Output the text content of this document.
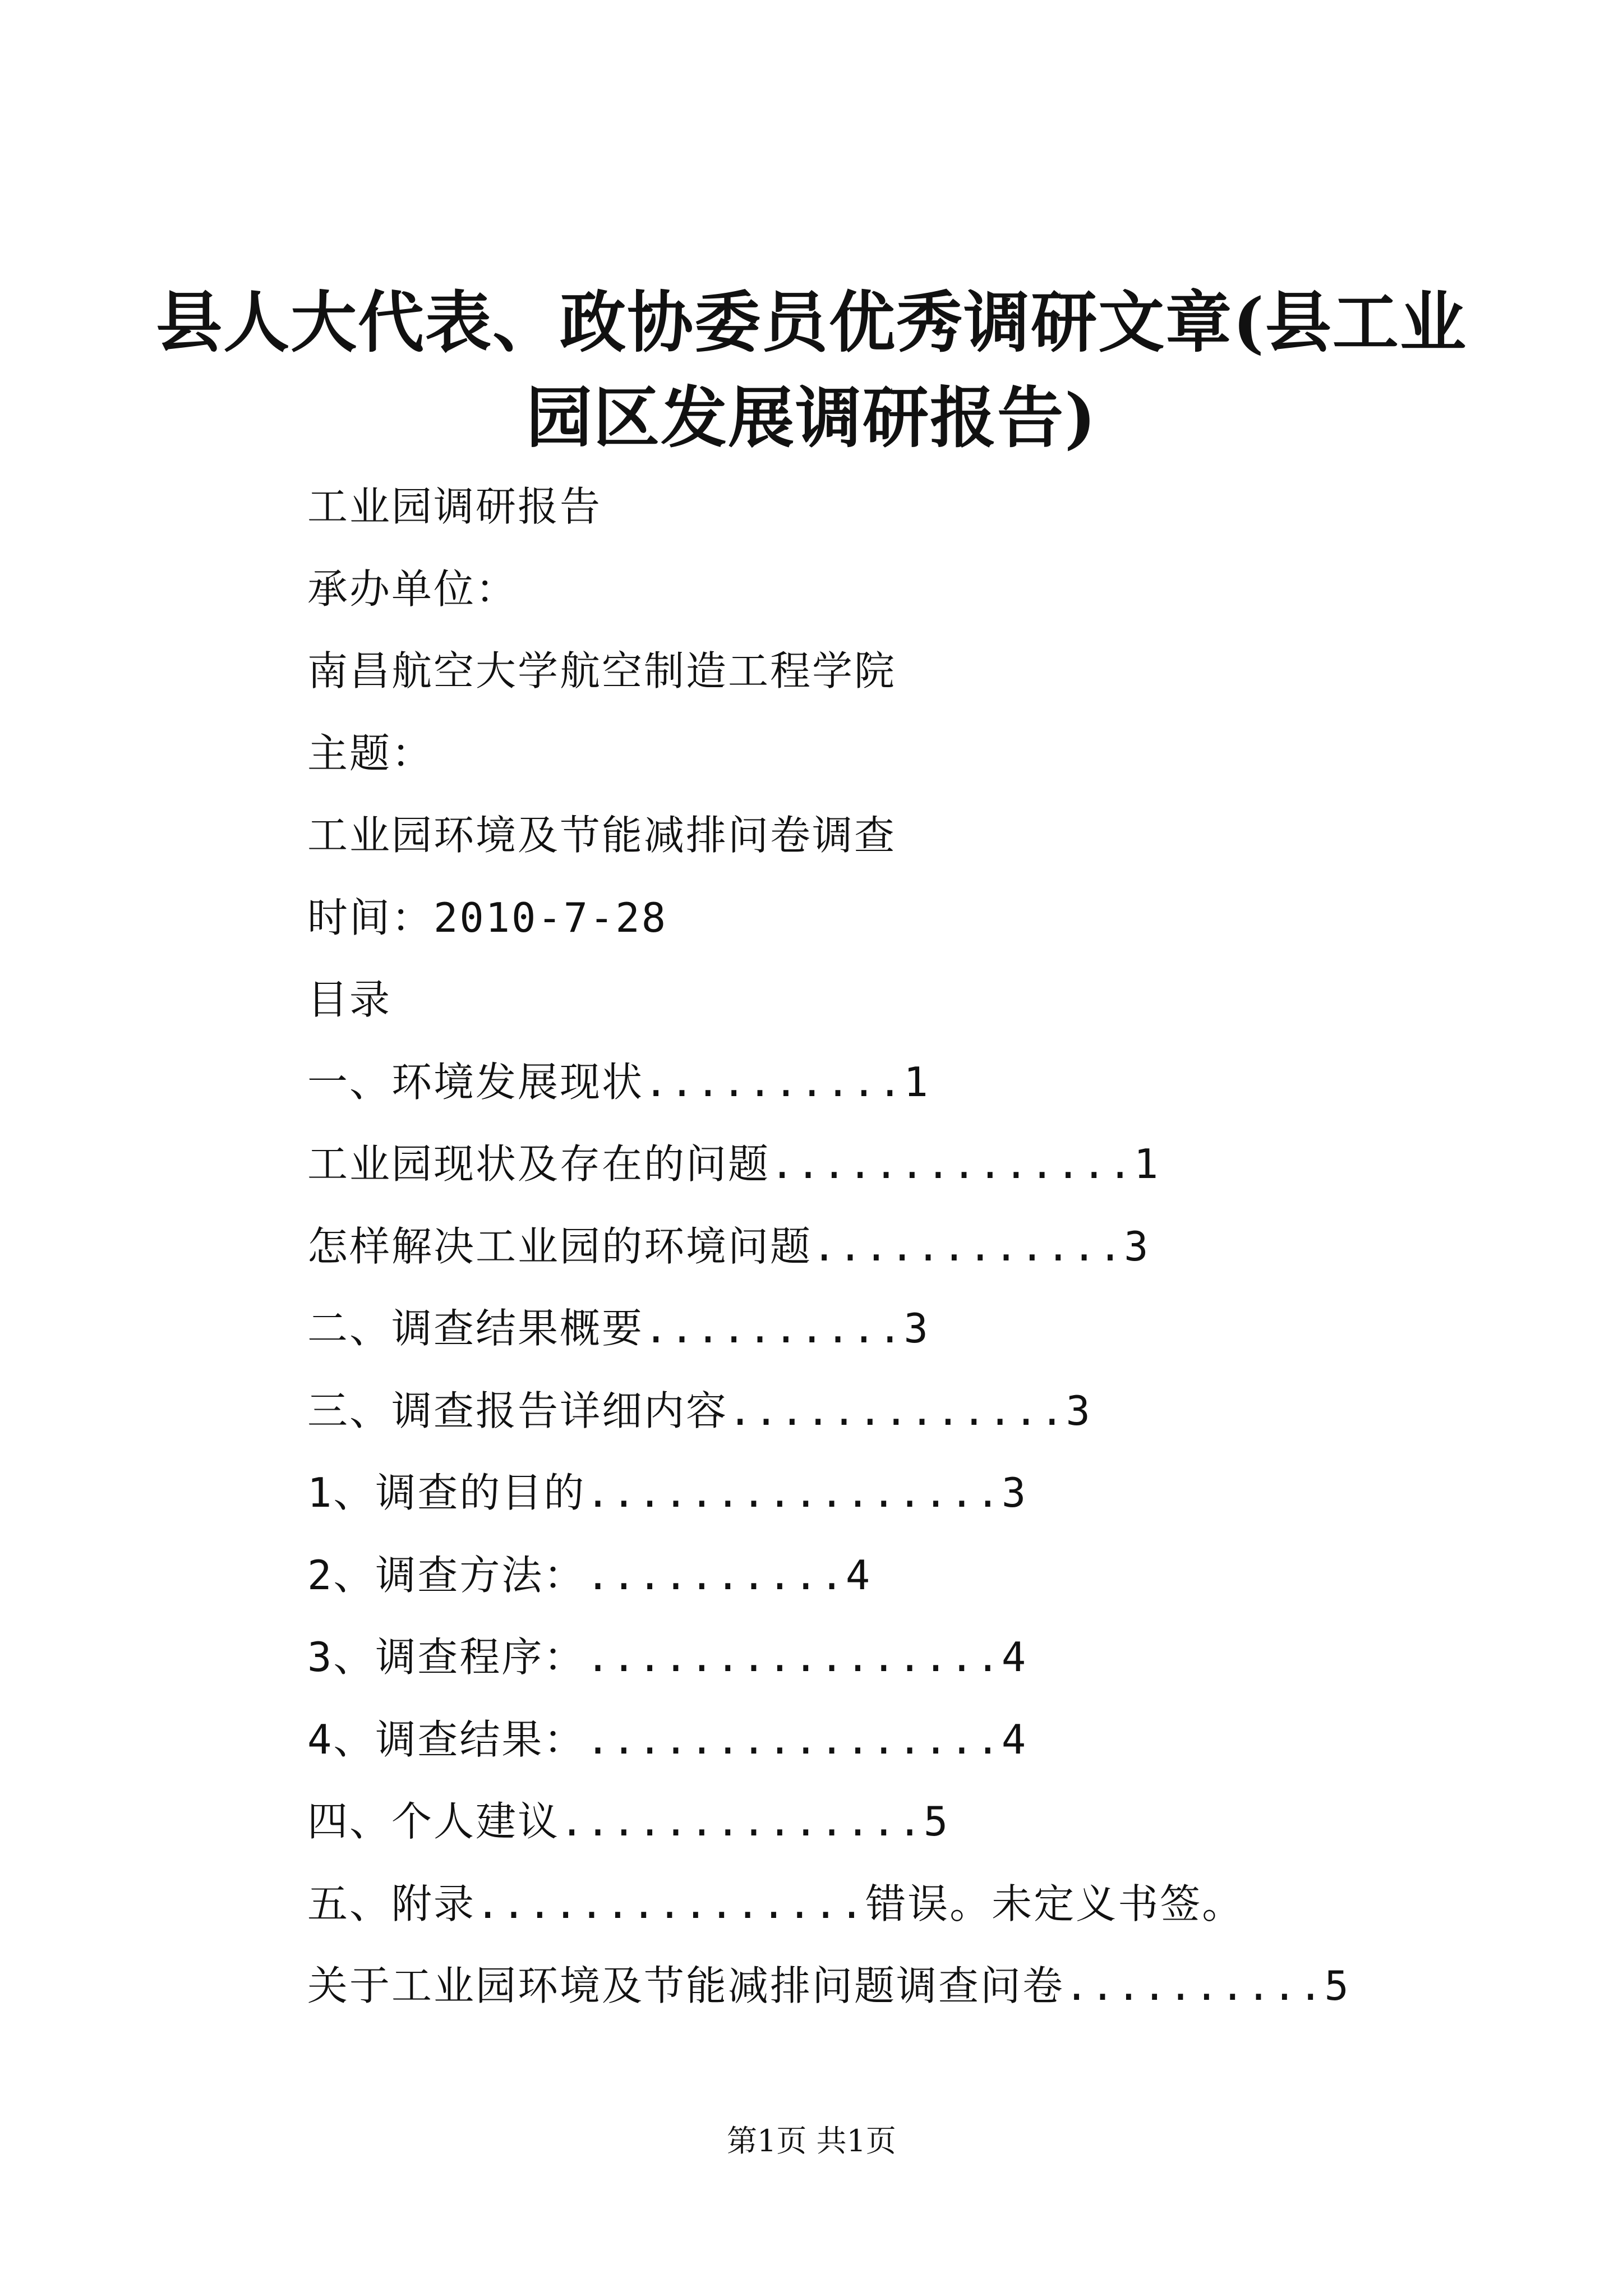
县人大代表、政协委员优秀调研文章(县工业
园区发展调研报告)
工业园调研报告
承办单位：
南昌航空大学航空制造工程学院
主题：
工业园环境及节能减排问卷调查
时间：2010-7-28
目录
一、环境发展现状..........1
工业园现状及存在的问题..............1
怎样解决工业园的环境问题............3
二、调查结果概要..........3
三、调查报告详细内容.............3
1、调查的目的................3
2、调查方法：..........4
3、调查程序：................4
4、调查结果：................4
四、个人建议..............5
五、附录...............错误。未定义书签。
关于工业园环境及节能减排问题调查问卷..........5
第1页 共1页
